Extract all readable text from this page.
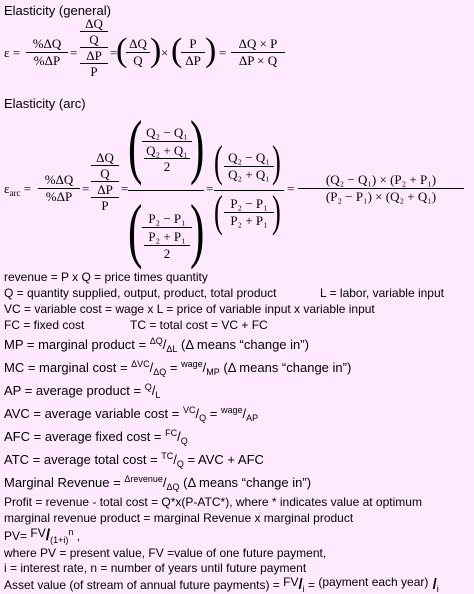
Elasticity (general)
$\varepsilon = \frac{\%\Delta Q}{\%\Delta P}$ =
ΔQ
Q
ΔP
P
=
(
$\frac{\Delta Q}{Q}$ ) × (
$\frac{P}{\Delta P}$ ) = $\frac{\Delta Q \times P}{\Delta P \times Q}$
Elasticity (arc)
$\varepsilon_{arc} = \frac{\%\Delta Q}{\%\Delta P}$ =
ΔQ
Q
ΔP
P
=
( $\frac{\text{Q₂ − Q₁}}{\text{Q₂ + Q₁}}$
2 )
( $\frac{\text{P₂ − P₁}}{\text{P₂ + P₁}}$
2 )
=
( $\frac{\text{Q₂ − Q₁}}{\text{Q₂ + Q₁}}$
)
( $\frac{\text{P₂ − P₁}}{\text{P₂ + P₁}}$
) = $\frac{\text{(Q₂ − Q₁) × (P₂ + P₁)}}{\text{(P₂ − P₁) × (Q₂ + Q₁)}}$
revenue = P x Q = price times quantity
Q = quantity supplied, output, product, total product	L = labor, variable input
VC = variable cost = wage x L = price of variable input x variable input
FC = fixed cost	TC = total cost = VC + FC
MP = marginal product = $^{\Delta Q}/_{\Delta L}$ (Δ means “change in”)
MC = marginal $\cos t = ^{\Delta VC}/_{\Delta Q} = ^{wage}/_{MP}$ (Δ means “change in”)
AP = average product = $^Q/_L$
AVC = average variable $\cos t = ^{VC}/_Q = ^{wage}/_{AP}$
AFC = average fixed $\cos t = ^{FC}/_Q$
ATC = average total $\cos t = ^{TC}/_Q$ = AVC + AFC
Marginal Revenue = $^{\Delta revenue}/_{\Delta Q}$ (Δ means “change in”)
Profit = revenue - total cost = Q*x(P-ATC*), where * indicates value at optimum
marginal revenue product = marginal Revenue x marginal product
$PV= FV/_{(1+i)}^n$ ,
where PV = present value, FV =value of one future payment,
i = interest rate, n = number of years until future payment
Asset value (of stream of annual future payments) = $FV/_i$ = (payment each year) $/_i$
